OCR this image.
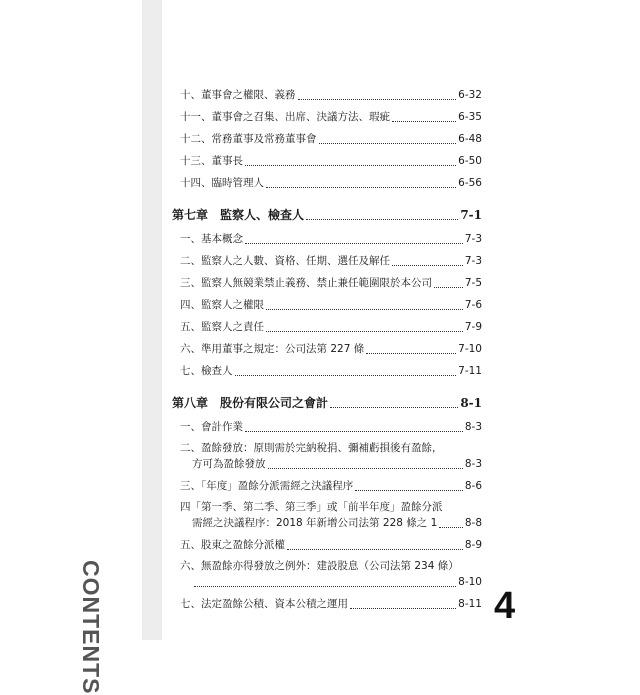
CONTENTS
十、董事會之權限、義務	6-32
十一、董事會之召集、出席、決議方法、瑕疵	6-35
十二、常務董事及常務董事會	6-48
十三、董事長	6-50
十四、臨時管理人	6-56
第七章　監察人、檢查人	7-1
一、基本概念	7-3
二、監察人之人數、資格、任期、選任及解任	7-3
三、監察人無競業禁止義務、禁止兼任範圍限於本公司	7-5
四、監察人之權限	7-6
五、監察人之責任	7-9
六、準用董事之規定：公司法第 227 條	7-10
七、檢查人	7-11
第八章　股份有限公司之會計	8-1
一、會計作業	8-3
二、盈餘發放：原則需於完納稅捐、彌補虧損後有盈餘，
方可為盈餘發放	8-3
三、「年度」盈餘分派需經之決議程序	8-6
四「第一季、第二季、第三季」或「前半年度」盈餘分派
需經之決議程序：2018 年新增公司法第 228 條之 1	8-8
五、股東之盈餘分派權	8-9
六、無盈餘亦得發放之例外：建設股息（公司法第 234 條）
8-10
七、法定盈餘公積、資本公積之運用	8-11 4
